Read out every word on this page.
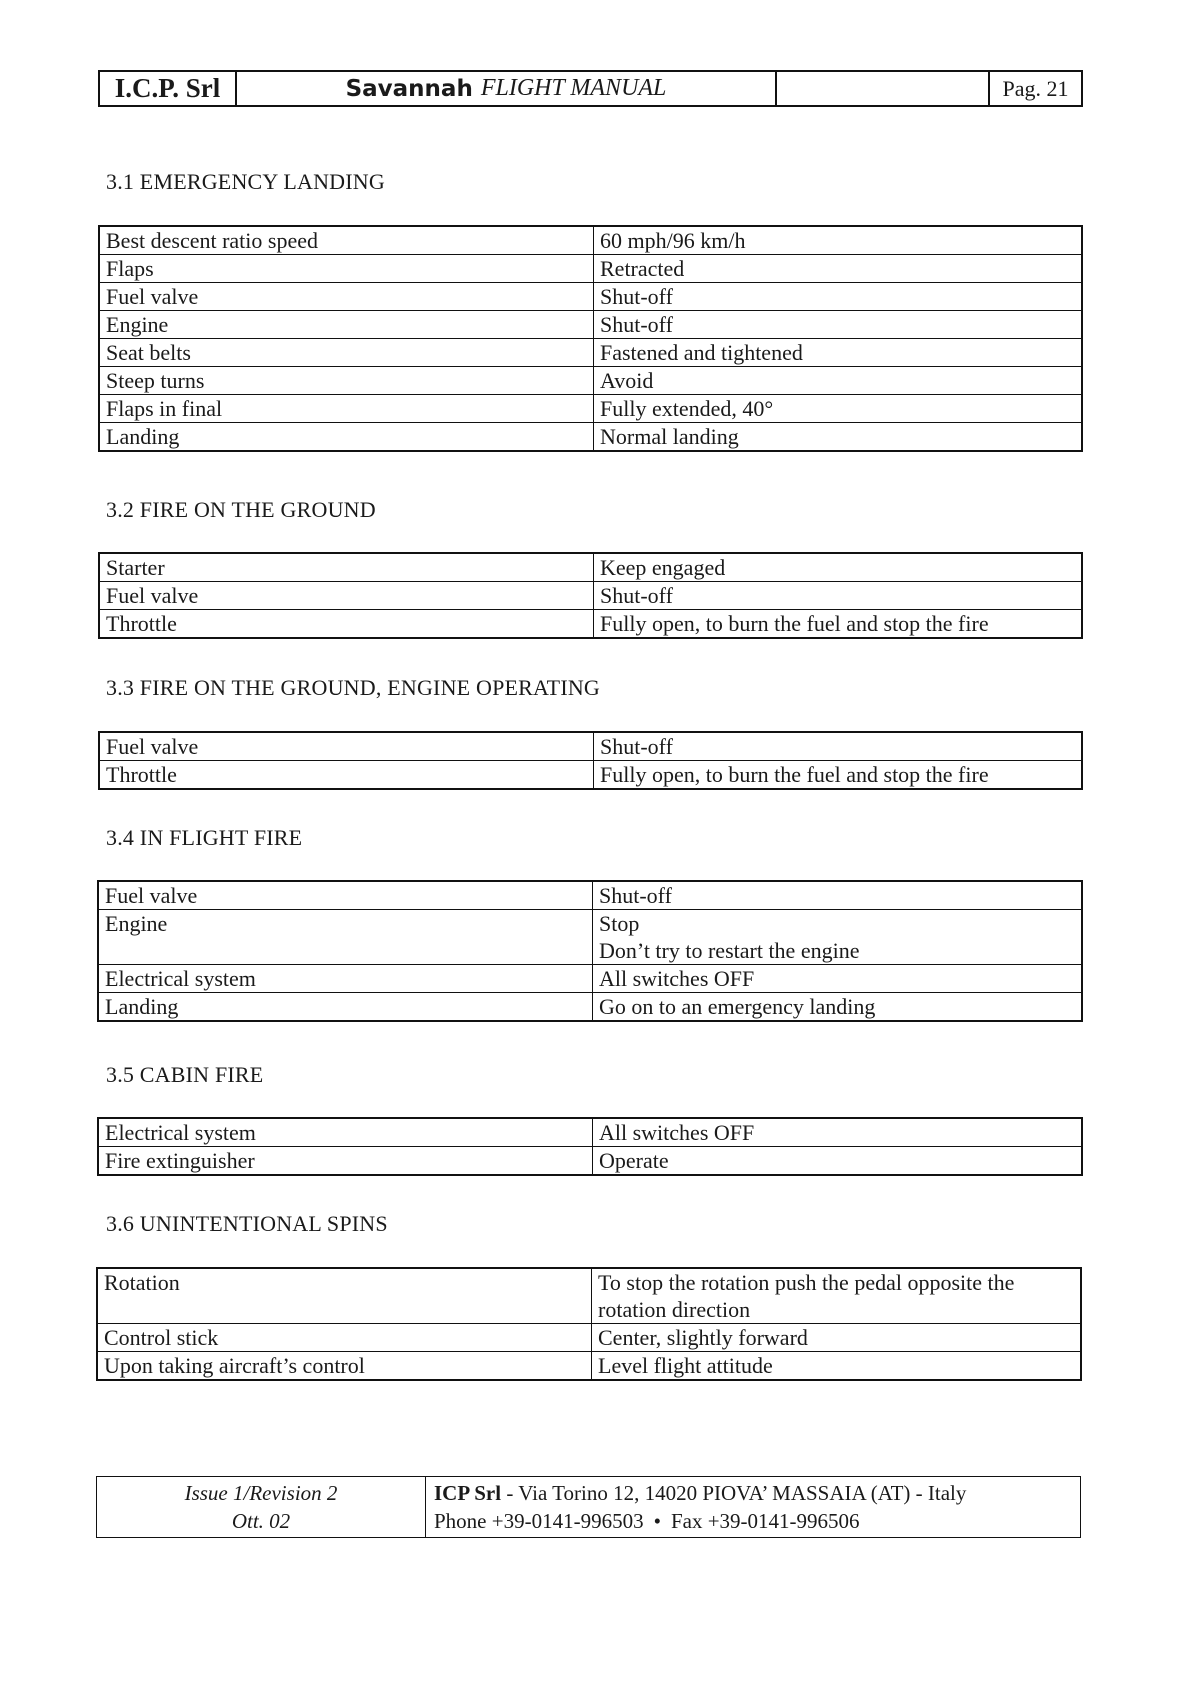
I.C.P. Srl	Savannah FLIGHT MANUAL	Pag. 21
3.1 EMERGENCY LANDING
Best descent ratio speed	60 mph/96 km/h
Flaps	Retracted
Fuel valve	Shut-off
Engine	Shut-off
Seat belts	Fastened and tightened
Steep turns	Avoid
Flaps in final	Fully extended, 40°
Landing	Normal landing
3.2 FIRE ON THE GROUND
Starter	Keep engaged
Fuel valve	Shut-off
Throttle	Fully open, to burn the fuel and stop the fire
3.3 FIRE ON THE GROUND, ENGINE OPERATING
Fuel valve	Shut-off
Throttle	Fully open, to burn the fuel and stop the fire
3.4 IN FLIGHT FIRE
Fuel valve	Shut-off
Engine	Stop
Don’t try to restart the engine
Electrical system	All switches OFF
Landing	Go on to an emergency landing
3.5 CABIN FIRE
Electrical system	All switches OFF
Fire extinguisher	Operate
3.6 UNINTENTIONAL SPINS
Rotation	To stop the rotation push the pedal opposite the
rotation direction
Control stick	Center, slightly forward
Upon taking aircraft’s control	Level flight attitude
Issue 1/Revision 2
Ott. 02
ICP Srl - Via Torino 12, 14020 PIOVA’ MASSAIA (AT) - Italy
Phone +39-0141-996503 • Fax +39-0141-996506
